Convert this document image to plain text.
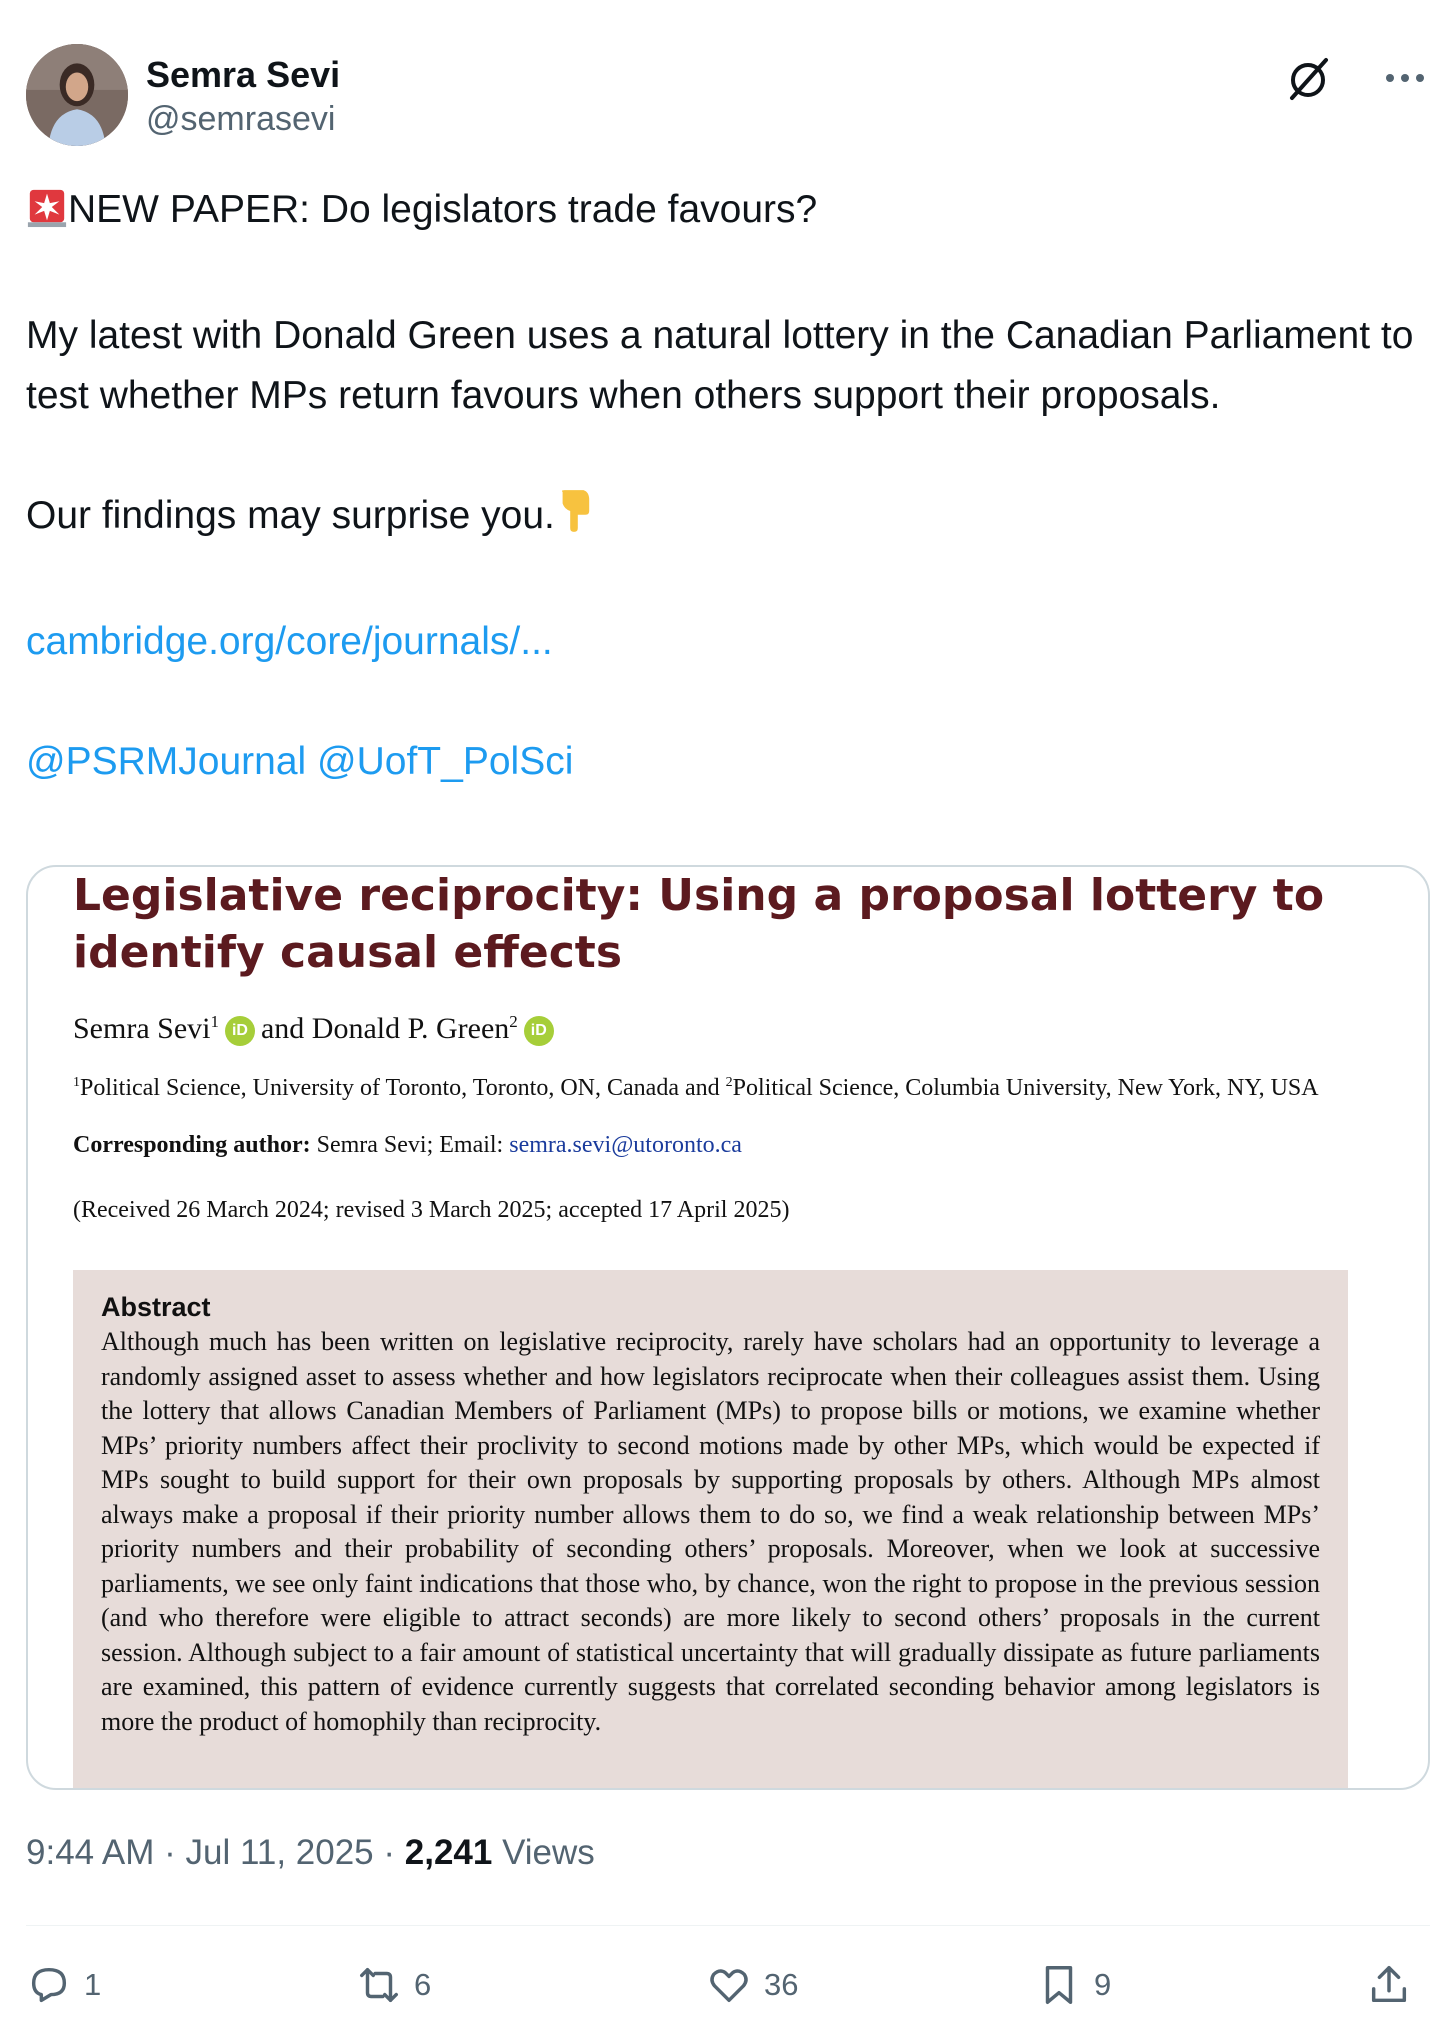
Semra Sevi
@semrasevi

NEW PAPER: Do legislators trade favours?

My latest with Donald Green uses a natural lottery in the Canadian Parliament to test whether MPs return favours when others support their proposals.

Our findings may surprise you.

cambridge.org/core/journals/...

@PSRMJournal @UofT_PolSci

Legislative reciprocity: Using a proposal lottery to identify causal effects
Semra Sevi$^1$ iD and Donald P. Green$^2$ iD
$^1$Political Science, University of Toronto, Toronto, ON, Canada and $^2$Political Science, Columbia University, New York, NY, USA
Corresponding author: Semra Sevi; Email: semra.sevi@utoronto.ca
(Received 26 March 2024; revised 3 March 2025; accepted 17 April 2025)
Abstract
Although much has been written on legislative reciprocity, rarely have scholars had an opportunity to leverage a randomly assigned asset to assess whether and how legislators reciprocate when their colleagues assist them. Using the lottery that allows Canadian Members of Parliament (MPs) to propose bills or motions, we examine whether MPs’ priority numbers affect their proclivity to second motions made by other MPs, which would be expected if MPs sought to build support for their own proposals by supporting proposals by others. Although MPs almost always make a proposal if their priority number allows them to do so, we find a weak relationship between MPs’ priority numbers and their probability of seconding others’ proposals. Moreover, when we look at successive parliaments, we see only faint indications that those who, by chance, won the right to propose in the previous session (and who therefore were eligible to attract seconds) are more likely to second others’ proposals in the current session. Although subject to a fair amount of statistical uncertainty that will gradually dissipate as future parliaments are examined, this pattern of evidence currently suggests that correlated seconding behavior among legislators is more the product of homophily than reciprocity.
9:44 AM · Jul 11, 2025 · 2,241 Views
1	6	36	9
